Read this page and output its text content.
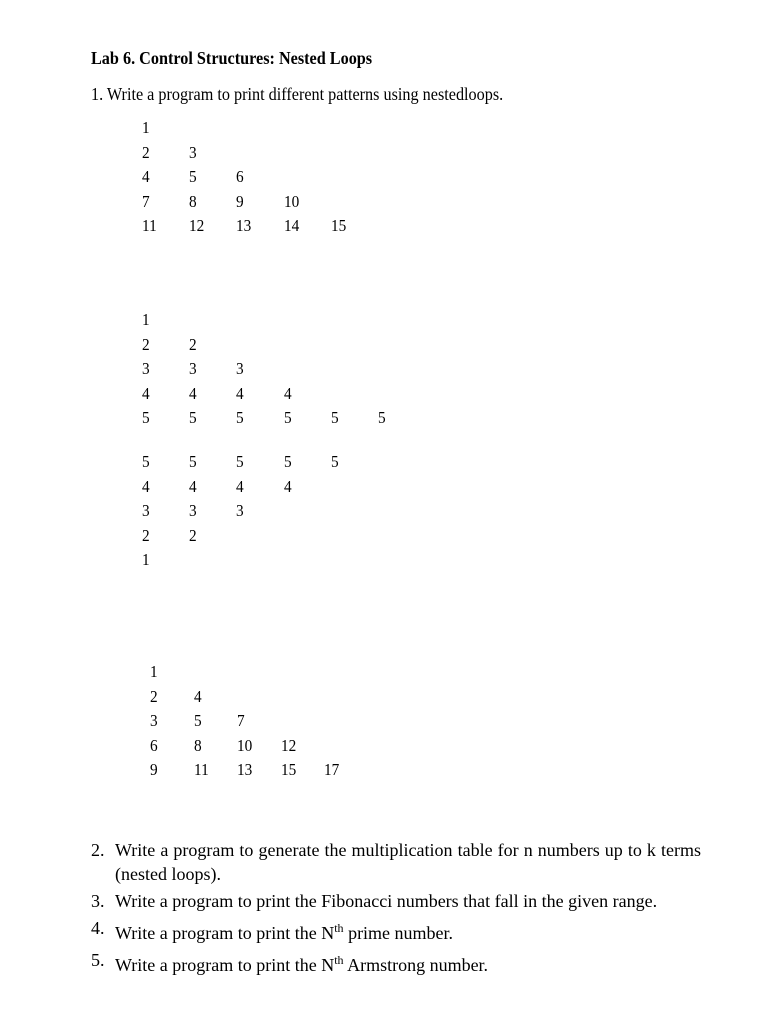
Lab 6. Control Structures: Nested Loops
1. Write a program to print different patterns using nestedloops.
1
2 3
4 5 6
7 8 9 10
11 12 13 14 15
1
2 2
3 3 3
4 4 4 4
5 5 5 5 5 5
5 5 5 5 5
4 4 4 4
3 3 3
2 2
1
1
2 4
3 5 7
6 8 10 12
9 11 13 15 17
2. Write a program to generate the multiplication table for n numbers up to k terms (nested loops).
3. Write a program to print the Fibonacci numbers that fall in the given range.
4. Write a program to print the $N^{th}$ prime number.
5. Write a program to print the $N^{th}$ Armstrong number.
